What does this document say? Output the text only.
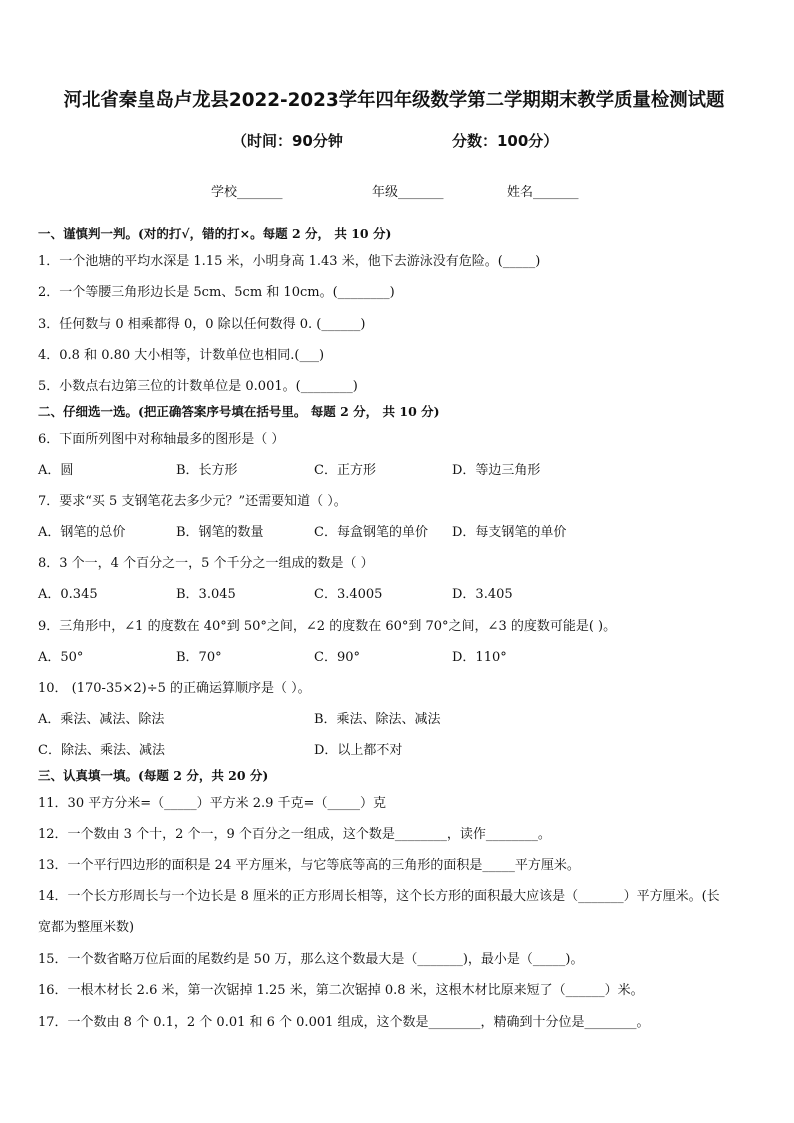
河北省秦皇岛卢龙县2022-2023学年四年级数学第二学期期末教学质量检测试题
（时间：90分钟	分数：100分）
学校_______	年级_______	姓名_______
一、谨慎判一判。(对的打√，错的打×。每题 2 分， 共 10 分)
1．一个池塘的平均水深是 1.15 米，小明身高 1.43 米，他下去游泳没有危险。(_____)
2．一个等腰三角形边长是 5cm、5cm 和 10cm。(________)
3．任何数与 0 相乘都得 0，0 除以任何数得 0. (______)
4．0.8 和 0.80 大小相等，计数单位也相同.(___)
5．小数点右边第三位的计数单位是 0.001。(________)
二、仔细选一选。(把正确答案序号填在括号里。 每题 2 分， 共 10 分)
6．下面所列图中对称轴最多的图形是（ ）
A．圆	B．长方形	C．正方形	D．等边三角形
7．要求“买 5 支钢笔花去多少元？”还需要知道（ ）。
A．钢笔的总价	B．钢笔的数量	C．每盒钢笔的单价 D．每支钢笔的单价
8．3 个一，4 个百分之一，5 个千分之一组成的数是（ ）
A．0.345	B．3.045	C．3.4005	D．3.405
9．三角形中，∠1 的度数在 40°到 50°之间，∠2 的度数在 60°到 70°之间，∠3 的度数可能是( )。
A．50°	B．70°	C．90°	D．110°
10． (170-35×2)÷5 的正确运算顺序是（ ）。
A．乘法、减法、除法	B．乘法、除法、减法
C．除法、乘法、减法	D．以上都不对
三、认真填一填。(每题 2 分，共 20 分)
11．30 平方分米=（_____）平方米 2.9 千克=（_____）克
12．一个数由 3 个十，2 个一，9 个百分之一组成，这个数是________，读作________。
13．一个平行四边形的面积是 24 平方厘米，与它等底等高的三角形的面积是_____平方厘米。
14．一个长方形周长与一个边长是 8 厘米的正方形周长相等，这个长方形的面积最大应该是（_______）平方厘米。(长
宽都为整厘米数)
15．一个数省略万位后面的尾数约是 50 万，那么这个数最大是（_______)，最小是（_____)。
16．一根木材长 2.6 米，第一次锯掉 1.25 米，第二次锯掉 0.8 米，这根木材比原来短了（______）米。
17．一个数由 8 个 0.1，2 个 0.01 和 6 个 0.001 组成，这个数是________，精确到十分位是________。
